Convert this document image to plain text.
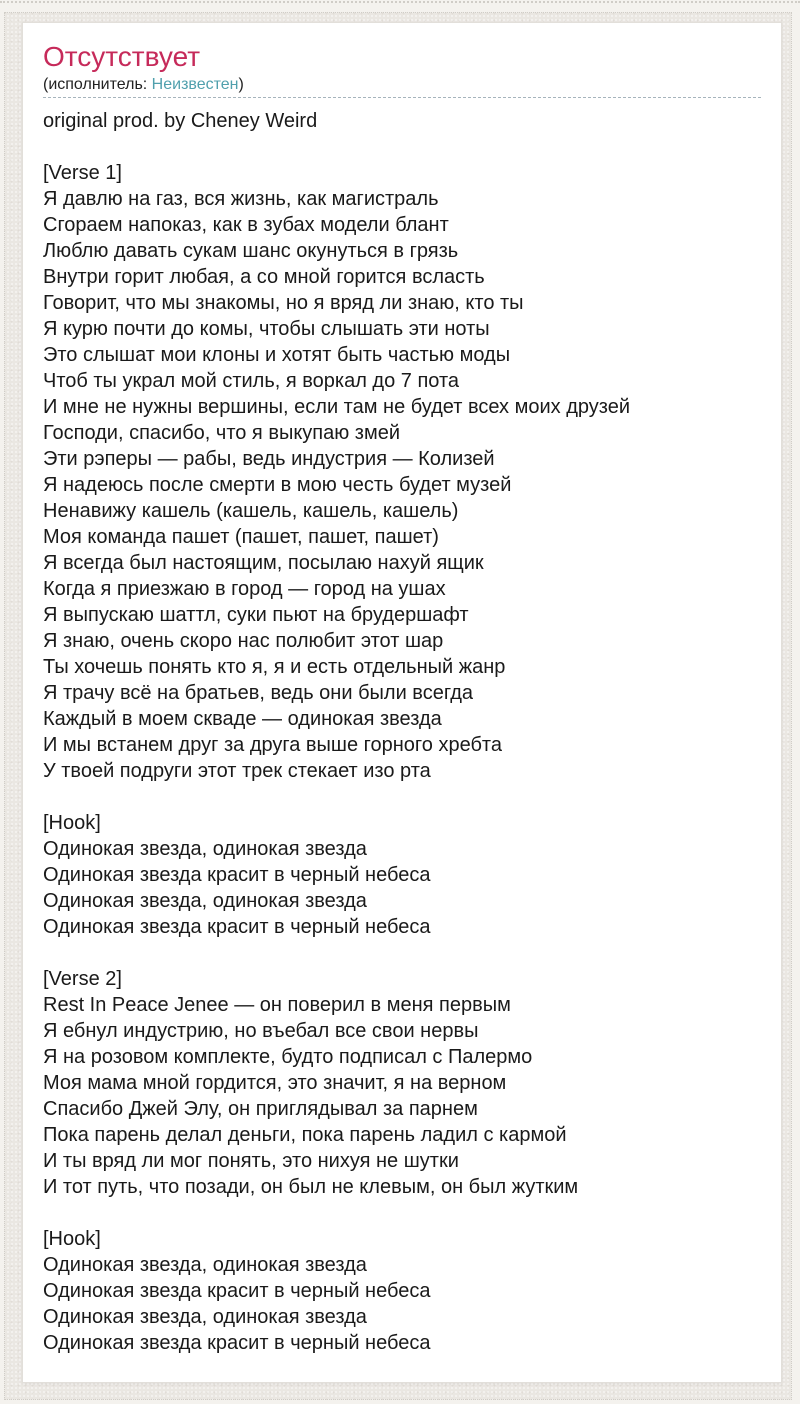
Отсутствует
(исполнитель: Неизвестен)
original prod. by Cheney Weird
[Verse 1]
Я давлю на газ, вся жизнь, как магистраль
Сгораем напоказ, как в зубах модели блант
Люблю давать сукам шанс окунуться в грязь
Внутри горит любая, а со мной горится всласть
Говорит, что мы знакомы, но я вряд ли знаю, кто ты
Я курю почти до комы, чтобы слышать эти ноты
Это слышат мои клоны и хотят быть частью моды
Чтоб ты украл мой стиль, я воркал до 7 пота
И мне не нужны вершины, если там не будет всех моих друзей
Господи, спасибо, что я выкупаю змей
Эти рэперы — рабы, ведь индустрия — Колизей
Я надеюсь после смерти в мою честь будет музей
Ненавижу кашель (кашель, кашель, кашель)
Моя команда пашет (пашет, пашет, пашет)
Я всегда был настоящим, посылаю нахуй ящик
Когда я приезжаю в город — город на ушах
Я выпускаю шаттл, суки пьют на брудершафт
Я знаю, очень скоро нас полюбит этот шар
Ты хочешь понять кто я, я и есть отдельный жанр
Я трачу всё на братьев, ведь они были всегда
Каждый в моем скваде — одинокая звезда
И мы встанем друг за друга выше горного хребта
У твоей подруги этот трек стекает изо рта
[Hook]
Одинокая звезда, одинокая звезда
Одинокая звезда красит в черный небеса
Одинокая звезда, одинокая звезда
Одинокая звезда красит в черный небеса
[Verse 2]
Rest In Peace Jenee — он поверил в меня первым
Я ебнул индустрию, но въебал все свои нервы
Я на розовом комплекте, будто подписал с Палермо
Моя мама мной гордится, это значит, я на верном
Спасибо Джей Элу, он приглядывал за парнем
Пока парень делал деньги, пока парень ладил с кармой
И ты вряд ли мог понять, это нихуя не шутки
И тот путь, что позади, он был не клевым, он был жутким
[Hook]
Одинокая звезда, одинокая звезда
Одинокая звезда красит в черный небеса
Одинокая звезда, одинокая звезда
Одинокая звезда красит в черный небеса
